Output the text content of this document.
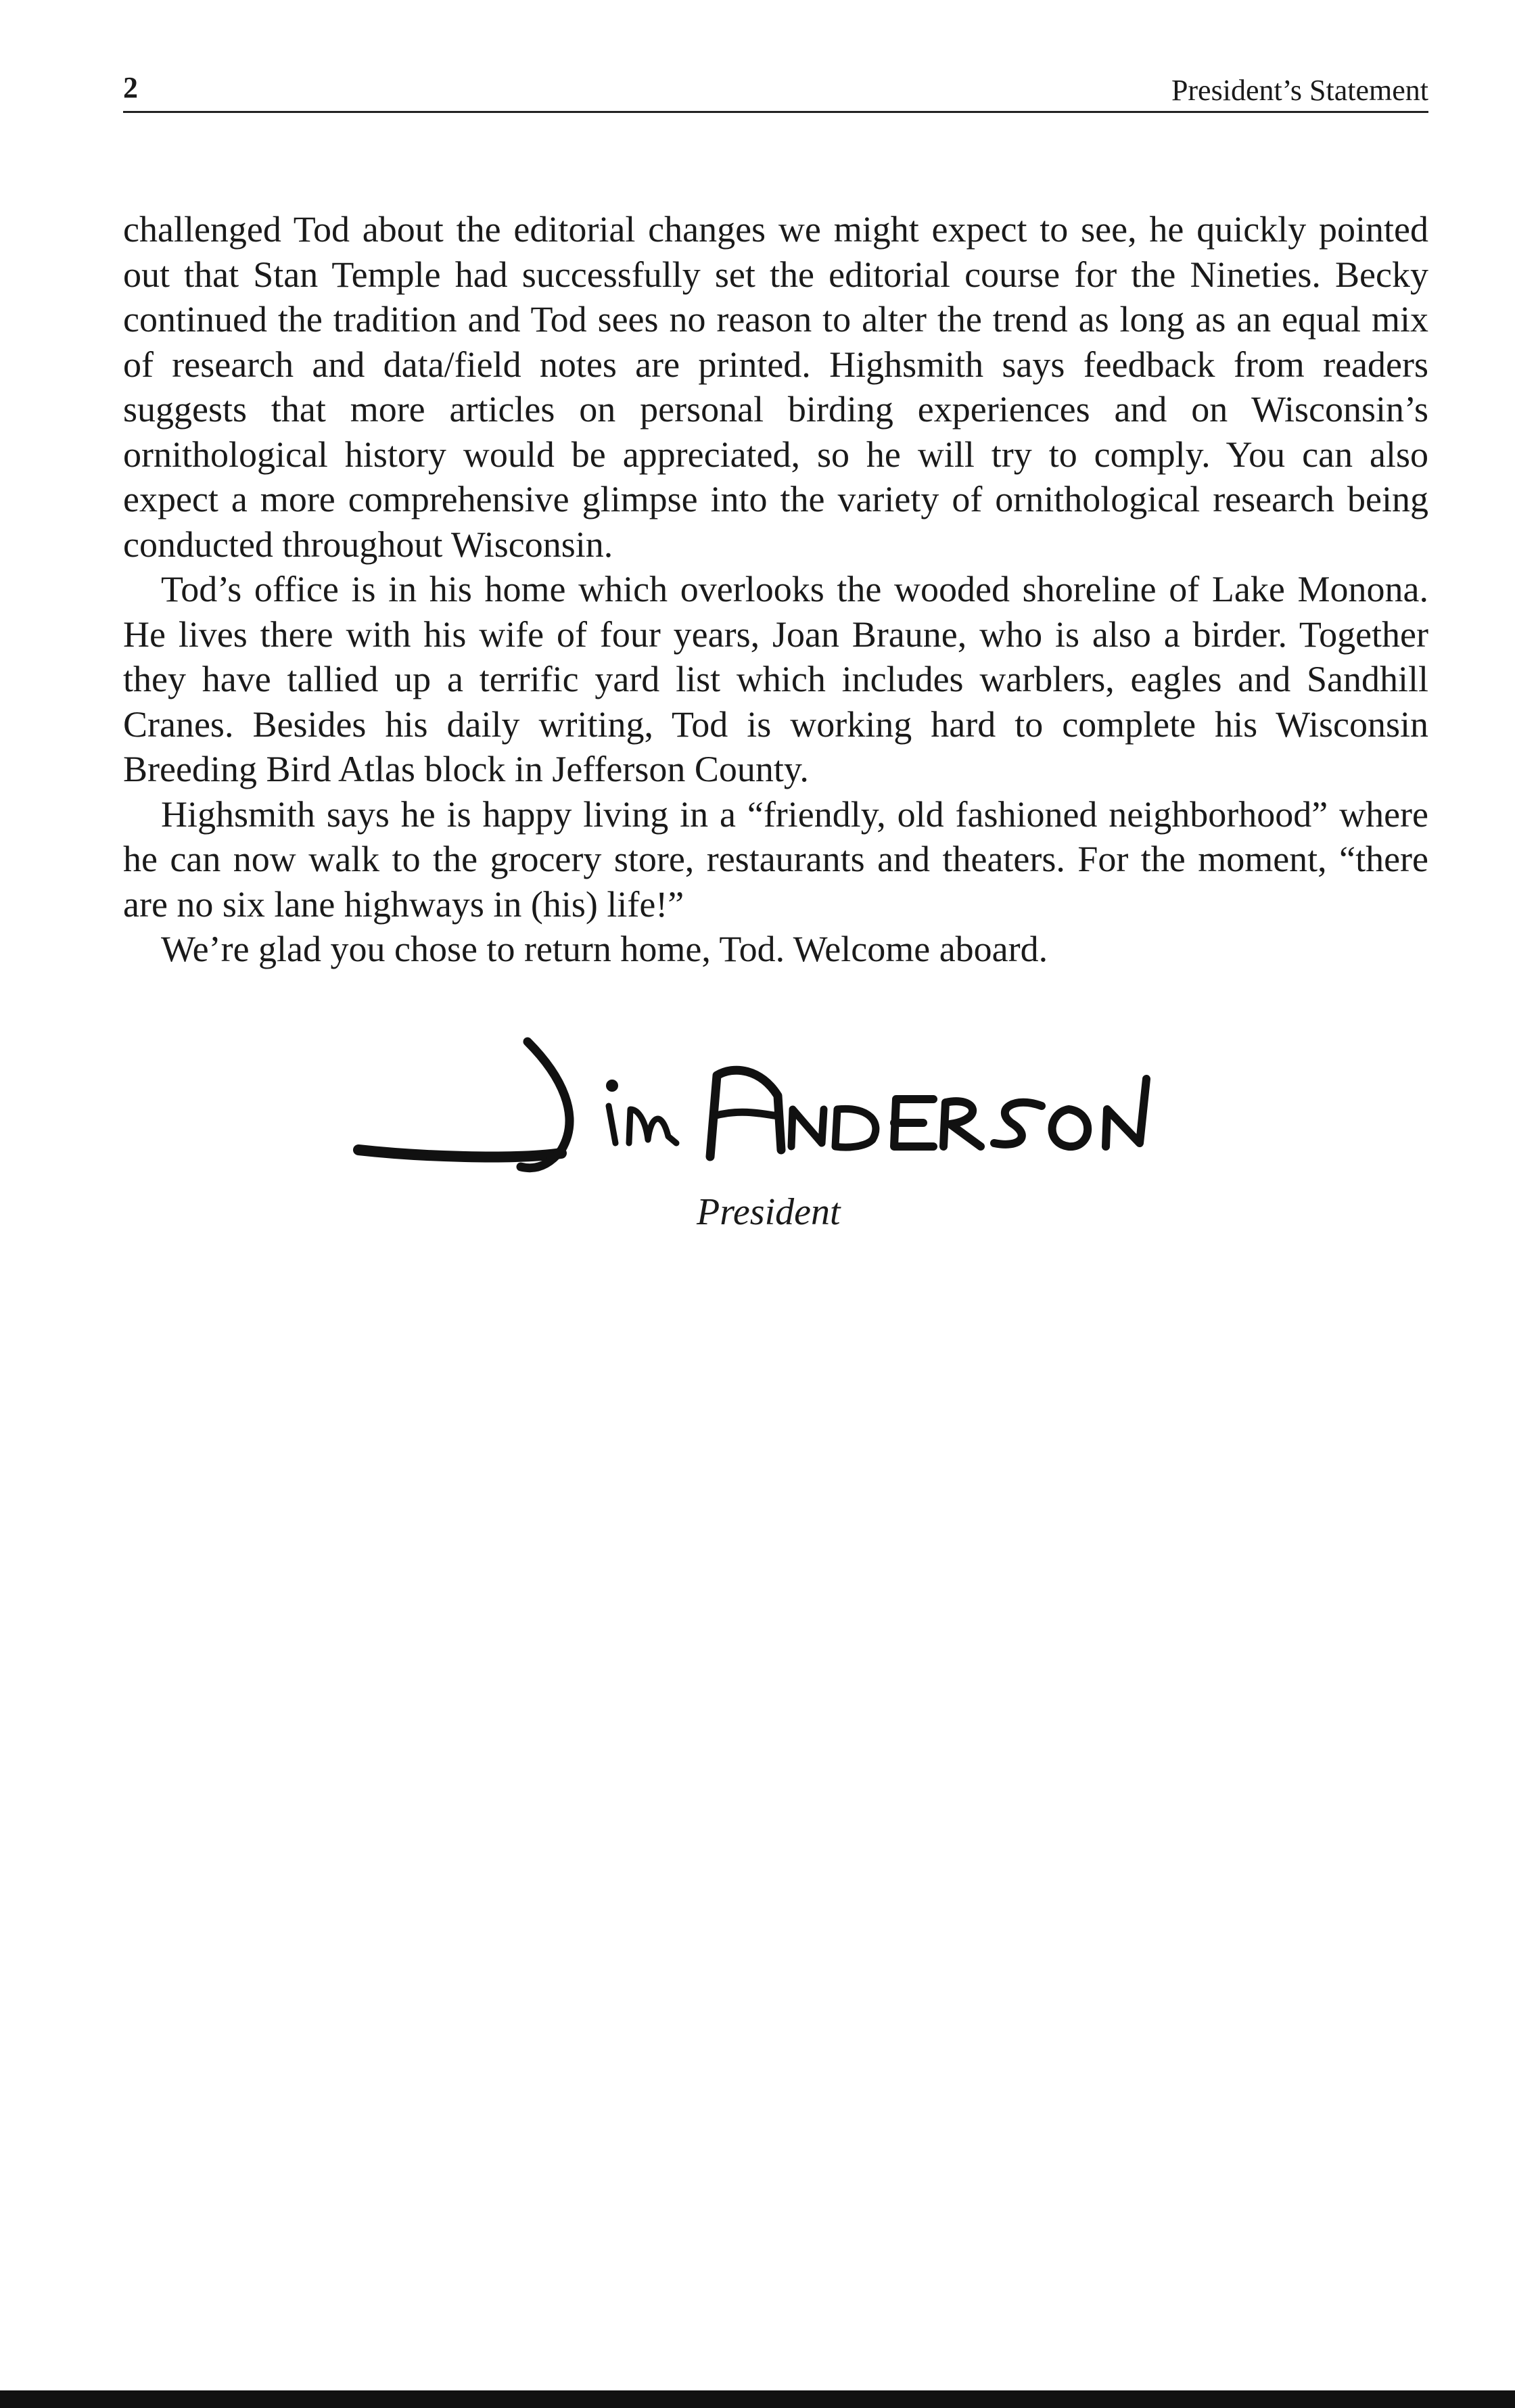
2	President’s Statement

challenged Tod about the editorial changes we might expect to see, he quickly pointed out that Stan Temple had successfully set the editorial course for the Nineties. Becky continued the tradition and Tod sees no reason to alter the trend as long as an equal mix of research and data/field notes are printed. Highsmith says feedback from readers suggests that more articles on personal birding experiences and on Wisconsin’s ornithological history would be appreciated, so he will try to comply. You can also expect a more comprehensive glimpse into the variety of ornithological research being conducted throughout Wisconsin.

Tod’s office is in his home which overlooks the wooded shoreline of Lake Monona. He lives there with his wife of four years, Joan Braune, who is also a birder. Together they have tallied up a terrific yard list which includes warblers, eagles and Sandhill Cranes. Besides his daily writing, Tod is working hard to complete his Wisconsin Breeding Bird Atlas block in Jefferson County.

Highsmith says he is happy living in a “friendly, old fashioned neighborhood” where he can now walk to the grocery store, restaurants and theaters. For the moment, “there are no six lane highways in (his) life!”

We’re glad you chose to return home, Tod. Welcome aboard.

President
